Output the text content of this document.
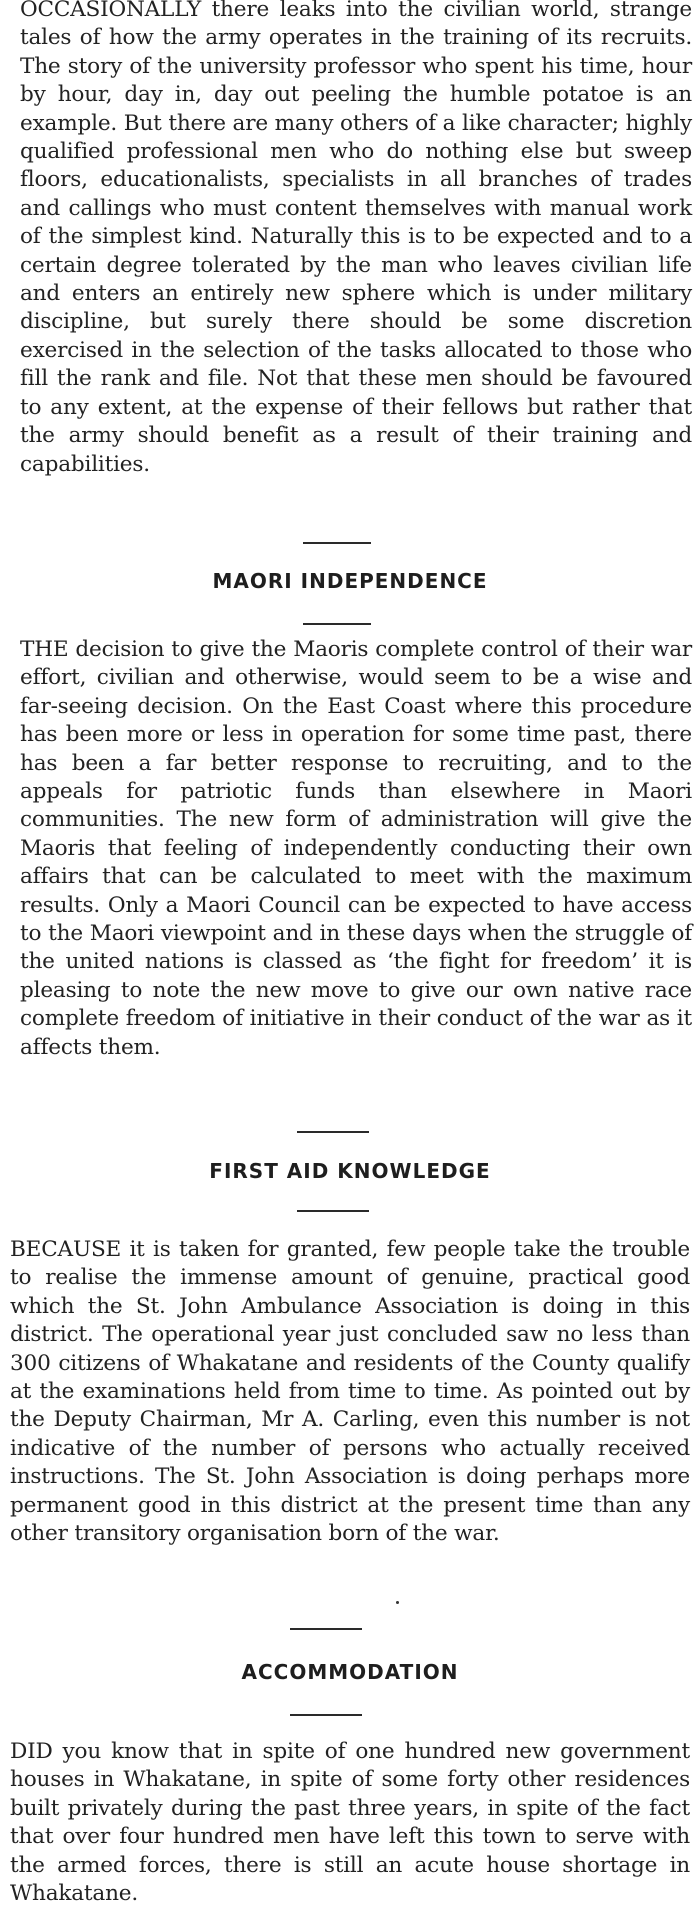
OCCASIONALLY there leaks into the civilian world, strange tales of how the army operates in the training of its recruits. The story of the university professor who spent his time, hour by hour, day in, day out peeling the humble potatoe is an example. But there are many others of a like character; highly qualified professional men who do nothing else but sweep floors, educationalists, specialists in all branches of trades and callings who must content themselves with manual work of the simplest kind. Naturally this is to be expected and to a certain degree tolerated by the man who leaves civilian life and enters an entirely new sphere which is under military discipline, but surely there should be some discretion exercised in the selection of the tasks allocated to those who fill the rank and file. Not that these men should be favoured to any extent, at the expense of their fellows but rather that the army should benefit as a result of their training and capabilities.

MAORI INDEPENDENCE

THE decision to give the Maoris complete control of their war effort, civilian and otherwise, would seem to be a wise and far-seeing decision. On the East Coast where this procedure has been more or less in operation for some time past, there has been a far better response to recruiting, and to the appeals for patriotic funds than elsewhere in Maori communities. The new form of administration will give the Maoris that feeling of independently conducting their own affairs that can be calculated to meet with the maximum results. Only a Maori Council can be expected to have access to the Maori viewpoint and in these days when the struggle of the united nations is classed as ‘the fight for freedom’ it is pleasing to note the new move to give our own native race complete freedom of initiative in their conduct of the war as it affects them.

FIRST AID KNOWLEDGE

BECAUSE it is taken for granted, few people take the trouble to realise the immense amount of genuine, practical good which the St. John Ambulance Association is doing in this district. The operational year just concluded saw no less than 300 citizens of Whakatane and residents of the County qualify at the examinations held from time to time. As pointed out by the Deputy Chairman, Mr A. Carling, even this number is not indicative of the number of persons who actually received instructions. The St. John Association is doing perhaps more permanent good in this district at the present time than any other transitory organisation born of the war.

ACCOMMODATION

DID you know that in spite of one hundred new government houses in Whakatane, in spite of some forty other residences built privately during the past three years, in spite of the fact that over four hundred men have left this town to serve with the armed forces, there is still an acute house shortage in Whakatane.
